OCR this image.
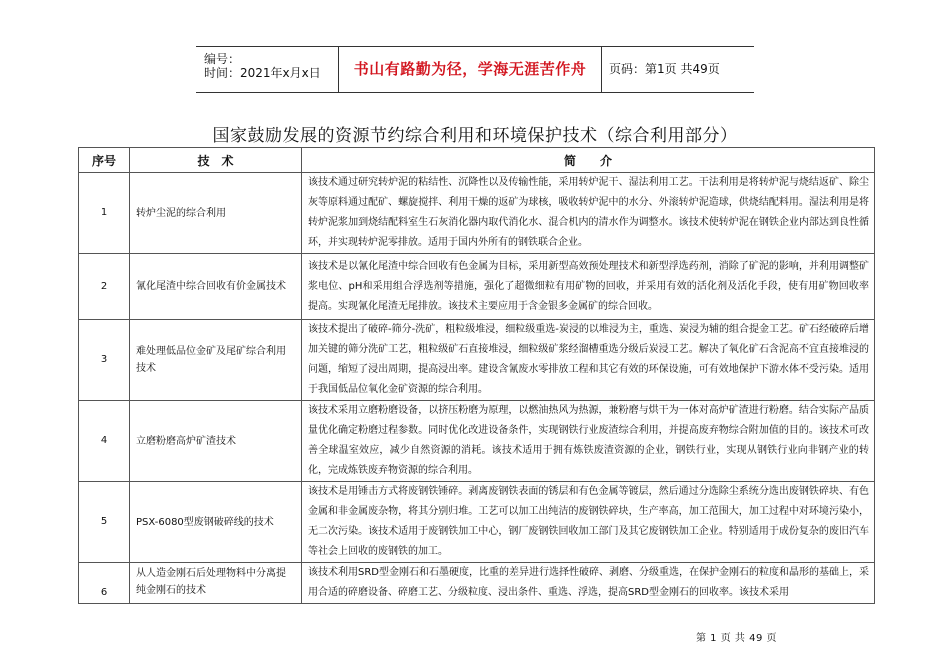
编号：
时间：2021年x月x日	书山有路勤为径，学海无涯苦作舟	页码：第1页 共49页
国家鼓励发展的资源节约综合利用和环境保护技术（综合利用部分）
序号	技　术	简　　介
1	转炉尘泥的综合利用	该技术通过研究转炉泥的粘结性、沉降性以及传输性能，采用转炉泥干、湿法利用工艺。干法利用是将转炉泥与烧结返矿、除尘灰等原料通过配矿、螺旋搅拌、利用干燥的返矿为球核，吸收转炉泥中的水分、外滚转炉泥造球，供烧结配料用。湿法利用是将转炉泥浆加到烧结配料室生石灰消化器内取代消化水、混合机内的清水作为调整水。该技术使转炉泥在钢铁企业内部达到良性循环，并实现转炉泥零排放。适用于国内外所有的钢铁联合企业。
2	氰化尾渣中综合回收有价金属技术	该技术是以氰化尾渣中综合回收有色金属为目标，采用新型高效预处理技术和新型浮选药剂，消除了矿泥的影响，并利用调整矿浆电位、pH和采用组合浮选剂等措施，强化了超微细粒有用矿物的回收，并采用有效的活化剂及活化手段，使有用矿物回收率提高。实现氰化尾渣无尾排放。该技术主要应用于含金银多金属矿的综合回收。
3	难处理低品位金矿及尾矿综合利用技术	该技术提出了破碎-筛分-洗矿，粗粒级堆浸，细粒级重选-炭浸的以堆浸为主，重选、炭浸为辅的组合提金工艺。矿石经破碎后增加关键的筛分洗矿工艺，粗粒级矿石直接堆浸，细粒级矿浆经溜槽重选分级后炭浸工艺。解决了氧化矿石含泥高不宜直接堆浸的问题，缩短了浸出周期，提高浸出率。建设含氰废水零排放工程和其它有效的环保设施，可有效地保护下游水体不受污染。适用于我国低品位氧化金矿资源的综合利用。
4	立磨粉磨高炉矿渣技术	该技术采用立磨粉磨设备，以挤压粉磨为原理，以燃油热风为热源，兼粉磨与烘干为一体对高炉矿渣进行粉磨。结合实际产品质量优化确定粉磨过程参数。同时优化改进设备条件，实现钢铁行业废渣综合利用，并提高废弃物综合附加值的目的。该技术可改善全球温室效应，减少自然资源的消耗。该技术适用于拥有炼铁废渣资源的企业，钢铁行业，实现从钢铁行业向非钢产业的转化，完成炼铁废弃物资源的综合利用。
5	PSX-6080型废钢破碎线的技术	该技术是用锤击方式将废钢铁锤碎。剥离废钢铁表面的锈层和有色金属等镀层，然后通过分选除尘系统分选出废钢铁碎块、有色金属和非金属废杂物，将其分别归堆。工艺可以加工出纯洁的废钢铁碎块，生产率高，加工范围大，加工过程中对环境污染小，无二次污染。该技术适用于废钢铁加工中心，钢厂废钢铁回收加工部门及其它废钢铁加工企业。特别适用于成份复杂的废旧汽车等社会上回收的废钢铁的加工。
6	从人造金刚石后处理物料中分离提纯金刚石的技术	该技术利用SRD型金刚石和石墨硬度，比重的差异进行选择性破碎、剥磨、分级重选，在保护金刚石的粒度和晶形的基础上，采用合适的碎磨设备、碎磨工艺、分级粒度、浸出条件、重选、浮选，提高SRD型金刚石的回收率。该技术采用
第 1 页 共 49 页
